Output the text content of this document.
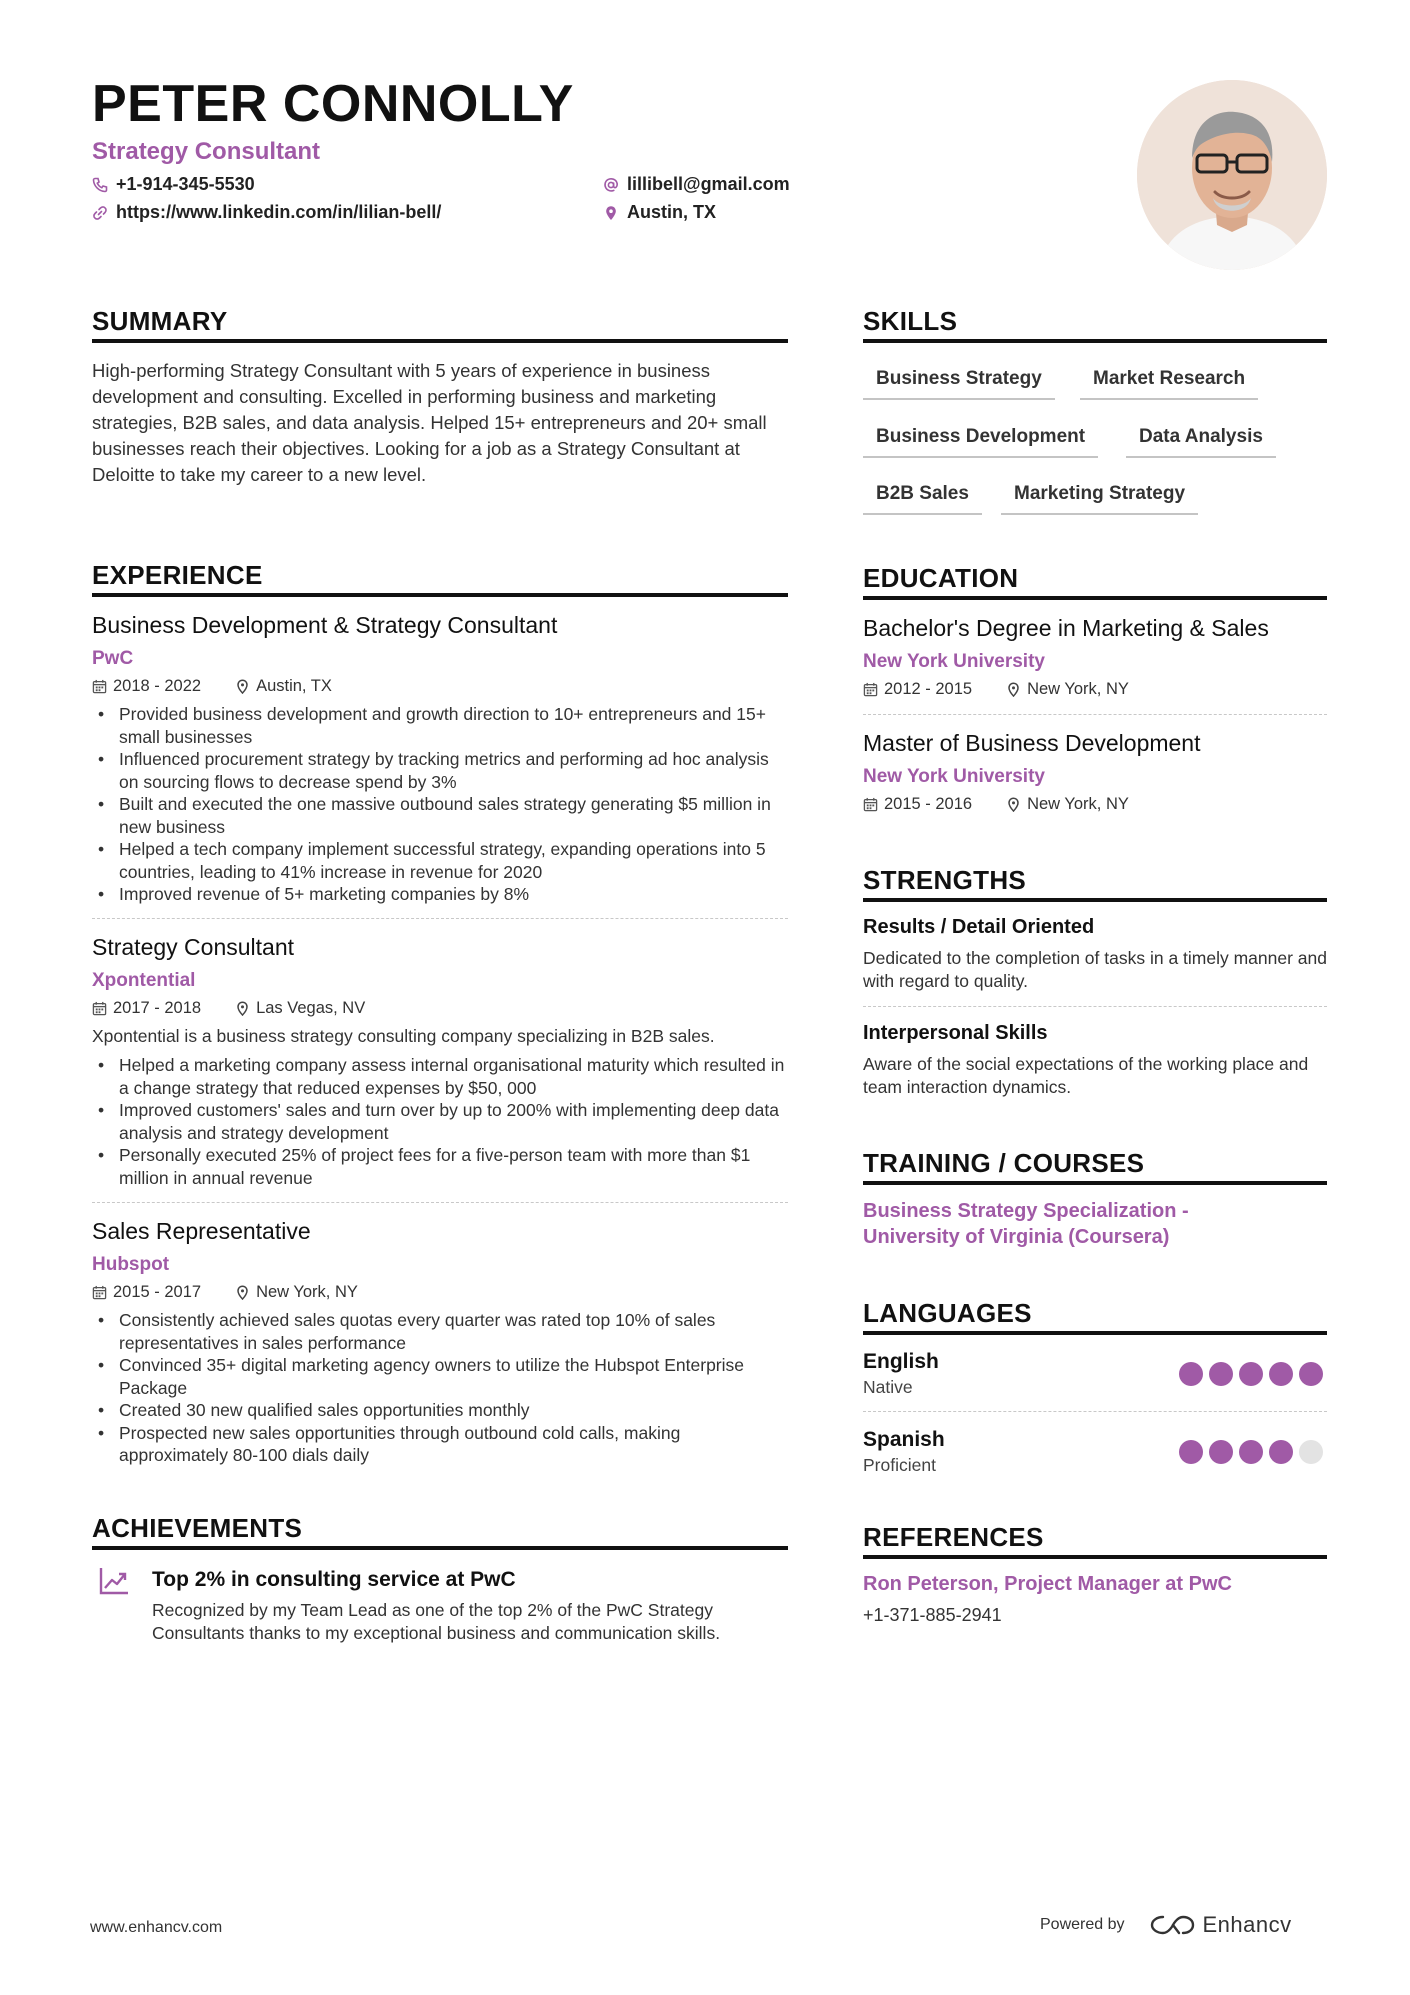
PETER CONNOLLY
Strategy Consultant
+1-914-345-5530
https://www.linkedin.com/in/lilian-bell/
lillibell@gmail.com
Austin, TX
SUMMARY
High-performing Strategy Consultant with 5 years of experience in business development and consulting. Excelled in performing business and marketing strategies, B2B sales, and data analysis. Helped 15+ entrepreneurs and 20+ small businesses reach their objectives. Looking for a job as a Strategy Consultant at Deloitte to take my career to a new level.
EXPERIENCE
Business Development & Strategy Consultant
PwC
2018 - 2022	Austin, TX
• Provided business development and growth direction to 10+ entrepreneurs and 15+ small businesses
• Influenced procurement strategy by tracking metrics and performing ad hoc analysis on sourcing flows to decrease spend by 3%
• Built and executed the one massive outbound sales strategy generating $5 million in new business
• Helped a tech company implement successful strategy, expanding operations into 5 countries, leading to 41% increase in revenue for 2020
• Improved revenue of 5+ marketing companies by 8%
Strategy Consultant
Xpontential
2017 - 2018	Las Vegas, NV
Xpontential is a business strategy consulting company specializing in B2B sales.
• Helped a marketing company assess internal organisational maturity which resulted in a change strategy that reduced expenses by $50, 000
• Improved customers' sales and turn over by up to 200% with implementing deep data analysis and strategy development
• Personally executed 25% of project fees for a five-person team with more than $1 million in annual revenue
Sales Representative
Hubspot
2015 - 2017	New York, NY
• Consistently achieved sales quotas every quarter was rated top 10% of sales representatives in sales performance
• Convinced 35+ digital marketing agency owners to utilize the Hubspot Enterprise Package
• Created 30 new qualified sales opportunities monthly
• Prospected new sales opportunities through outbound cold calls, making approximately 80-100 dials daily
ACHIEVEMENTS
Top 2% in consulting service at PwC
Recognized by my Team Lead as one of the top 2% of the PwC Strategy Consultants thanks to my exceptional business and communication skills.
SKILLS
Business Strategy	Market Research
Business Development	Data Analysis
B2B Sales	Marketing Strategy
EDUCATION
Bachelor's Degree in Marketing & Sales
New York University
2012 - 2015	New York, NY
Master of Business Development
New York University
2015 - 2016	New York, NY
STRENGTHS
Results / Detail Oriented
Dedicated to the completion of tasks in a timely manner and with regard to quality.
Interpersonal Skills
Aware of the social expectations of the working place and team interaction dynamics.
TRAINING / COURSES
Business Strategy Specialization - University of Virginia (Coursera)
LANGUAGES
English
Native
Spanish
Proficient
REFERENCES
Ron Peterson, Project Manager at PwC
+1-371-885-2941
www.enhancv.com	Powered by	Enhancv
